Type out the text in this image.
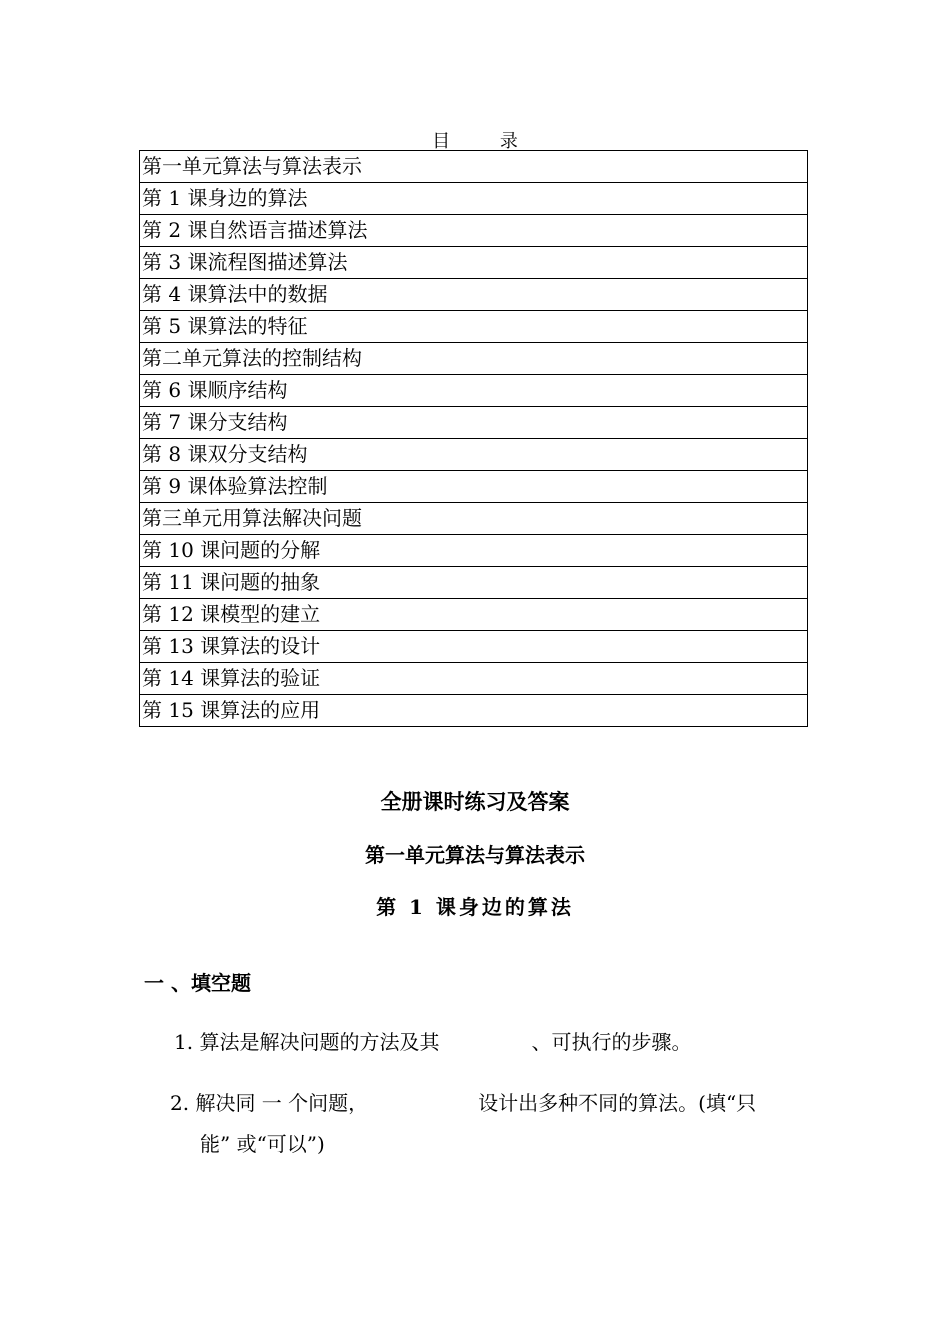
目 录
第一单元算法与算法表示
第 1 课身边的算法
第 2 课自然语言描述算法
第 3 课流程图描述算法
第 4 课算法中的数据
第 5 课算法的特征
第二单元算法的控制结构
第 6 课顺序结构
第 7 课分支结构
第 8 课双分支结构
第 9 课体验算法控制
第三单元用算法解决问题
第 10 课问题的分解
第 11 课问题的抽象
第 12 课模型的建立
第 13 课算法的设计
第 14 课算法的验证
第 15 课算法的应用
全册课时练习及答案
第一单元算法与算法表示
第 1 课身边的算法
一 、填空题
1. 算法是解决问题的方法及其	、可执行的步骤。
2. 解决同 一 个问题，	设计出多种不同的算法。(填“只
能” 或“可以”)
